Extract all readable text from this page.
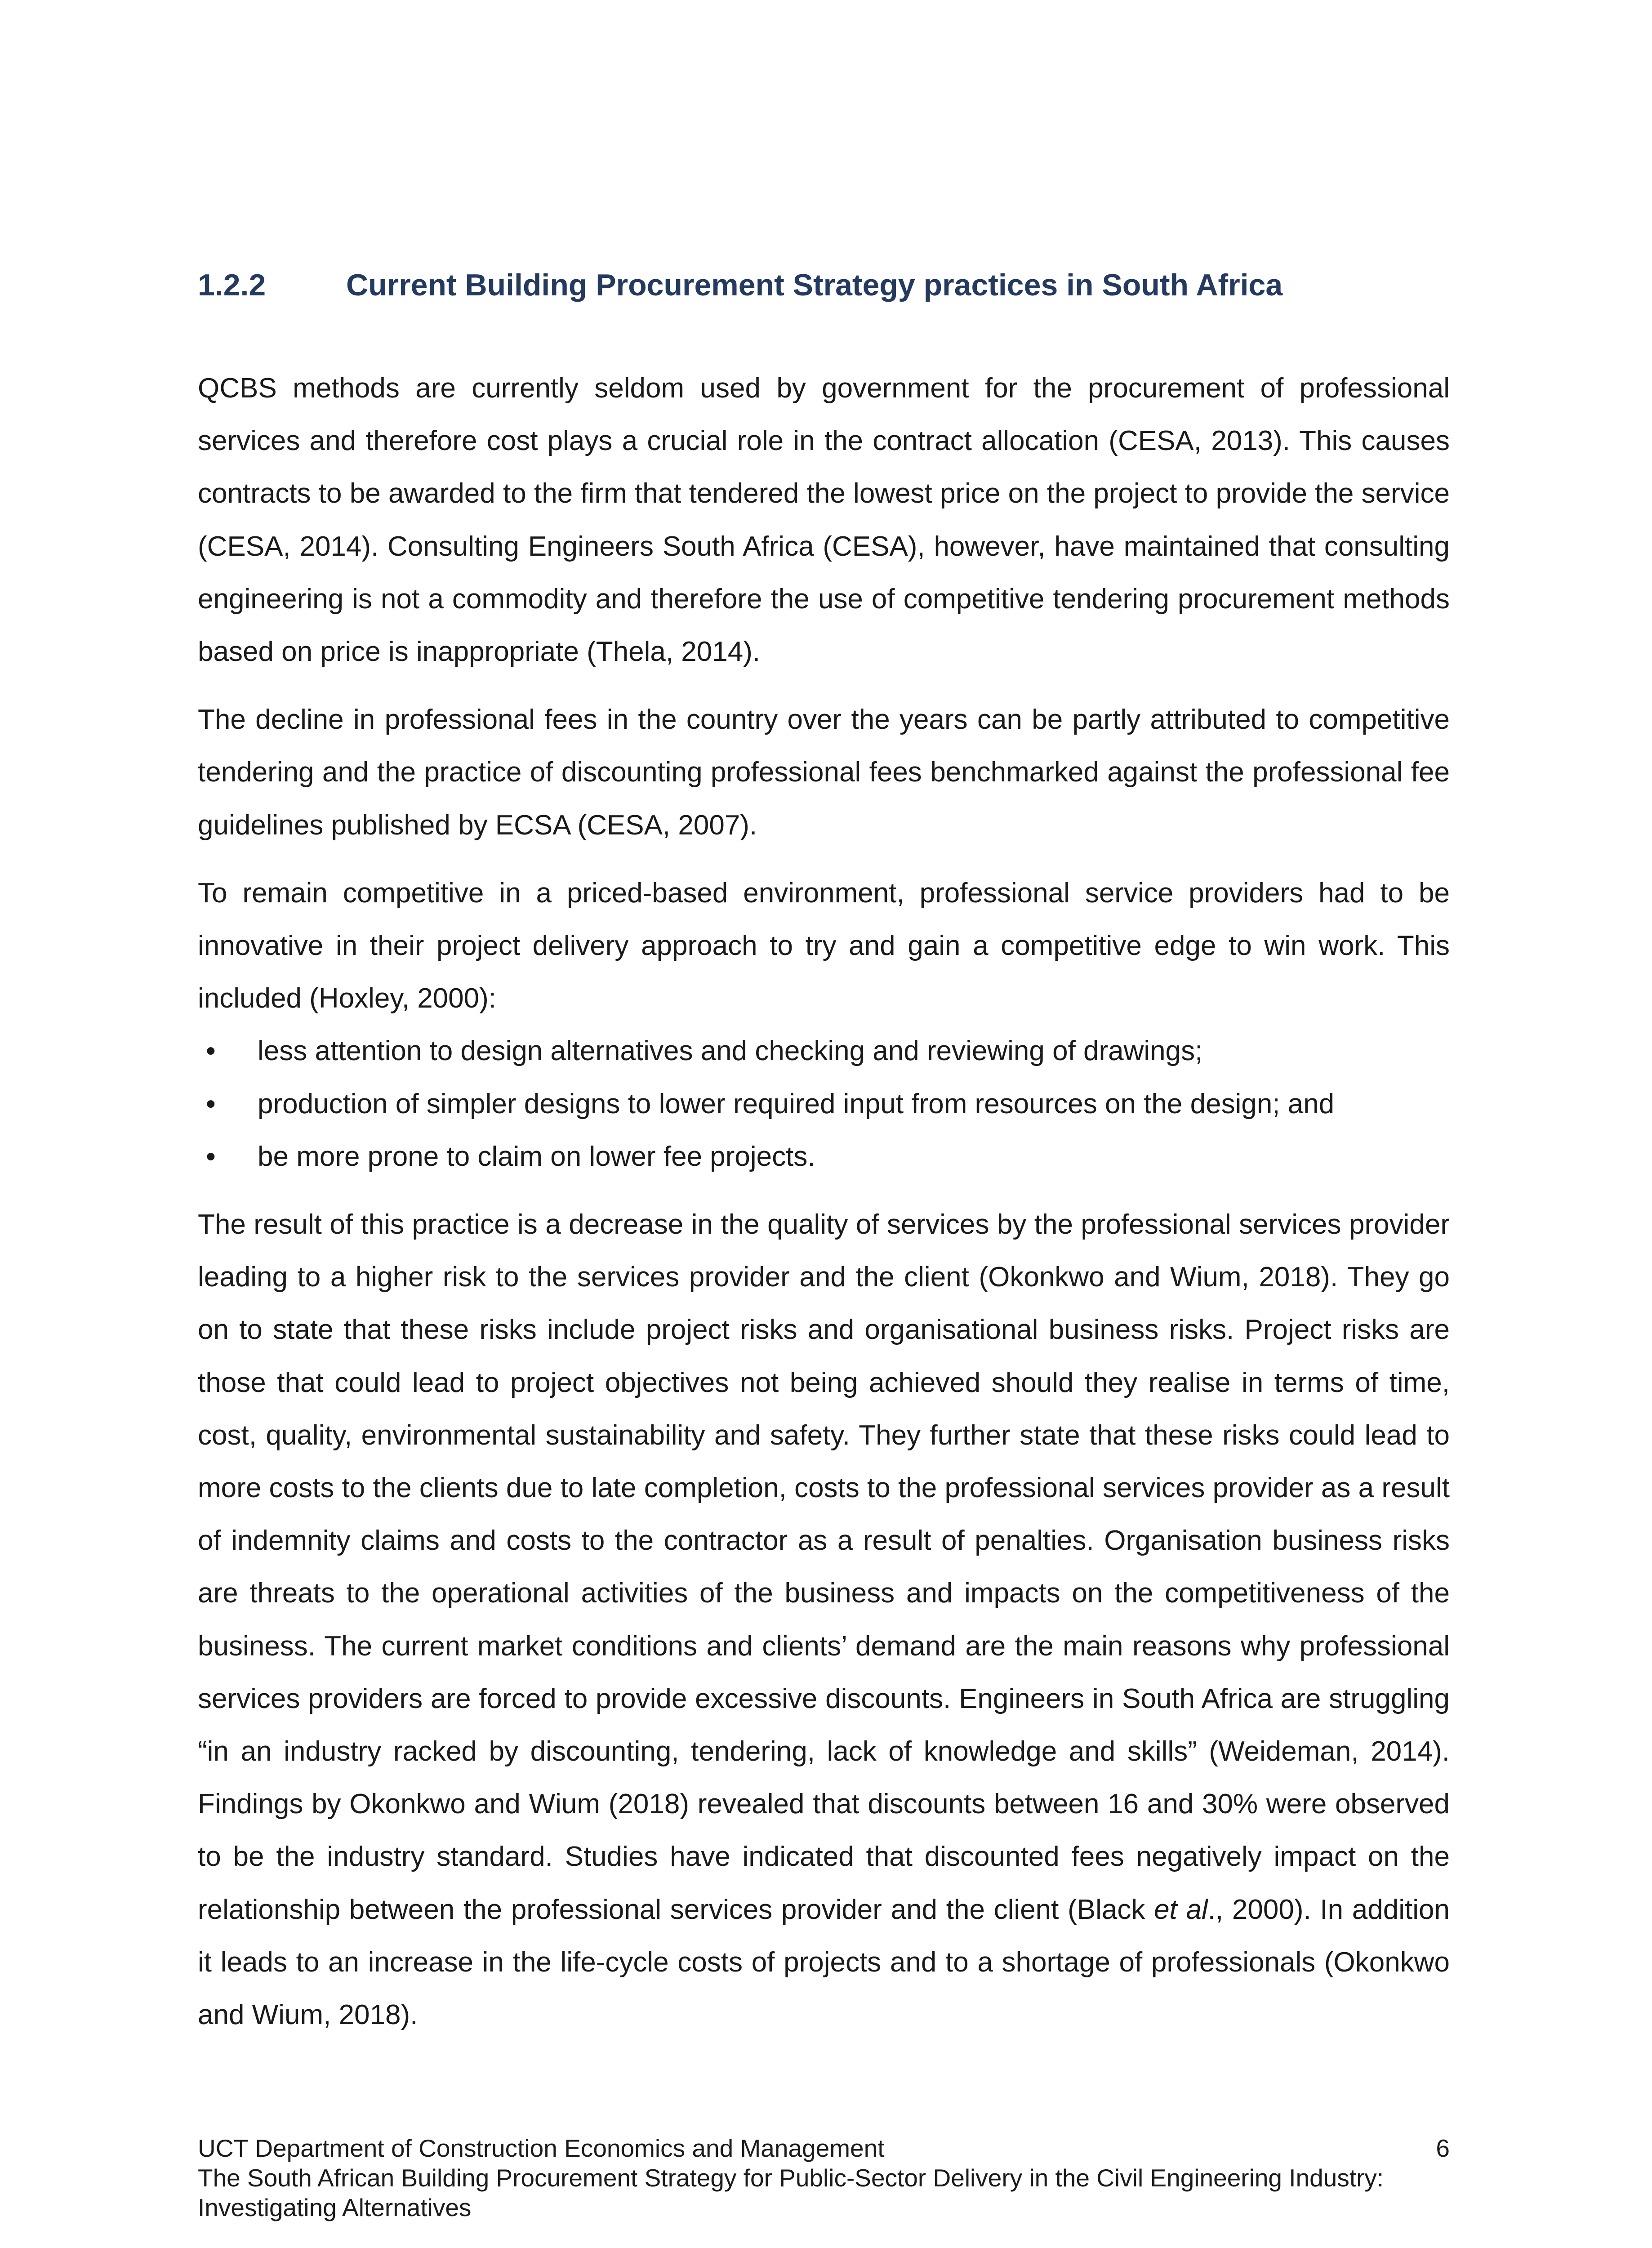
1.2.2	Current Building Procurement Strategy practices in South Africa

QCBS methods are currently seldom used by government for the procurement of professional services and therefore cost plays a crucial role in the contract allocation (CESA, 2013). This causes contracts to be awarded to the firm that tendered the lowest price on the project to provide the service (CESA, 2014). Consulting Engineers South Africa (CESA), however, have maintained that consulting engineering is not a commodity and therefore the use of competitive tendering procurement methods based on price is inappropriate (Thela, 2014).

The decline in professional fees in the country over the years can be partly attributed to competitive tendering and the practice of discounting professional fees benchmarked against the professional fee guidelines published by ECSA (CESA, 2007).

To remain competitive in a priced-based environment, professional service providers had to be innovative in their project delivery approach to try and gain a competitive edge to win work. This included (Hoxley, 2000):

• less attention to design alternatives and checking and reviewing of drawings;
• production of simpler designs to lower required input from resources on the design; and
• be more prone to claim on lower fee projects.

The result of this practice is a decrease in the quality of services by the professional services provider leading to a higher risk to the services provider and the client (Okonkwo and Wium, 2018). They go on to state that these risks include project risks and organisational business risks. Project risks are those that could lead to project objectives not being achieved should they realise in terms of time, cost, quality, environmental sustainability and safety. They further state that these risks could lead to more costs to the clients due to late completion, costs to the professional services provider as a result of indemnity claims and costs to the contractor as a result of penalties. Organisation business risks are threats to the operational activities of the business and impacts on the competitiveness of the business. The current market conditions and clients’ demand are the main reasons why professional services providers are forced to provide excessive discounts. Engineers in South Africa are struggling “in an industry racked by discounting, tendering, lack of knowledge and skills” (Weideman, 2014). Findings by Okonkwo and Wium (2018) revealed that discounts between 16 and 30% were observed to be the industry standard. Studies have indicated that discounted fees negatively impact on the relationship between the professional services provider and the client (Black et al., 2000). In addition it leads to an increase in the life-cycle costs of projects and to a shortage of professionals (Okonkwo and Wium, 2018).

UCT Department of Construction Economics and Management	6
The South African Building Procurement Strategy for Public-Sector Delivery in the Civil Engineering Industry: Investigating Alternatives
